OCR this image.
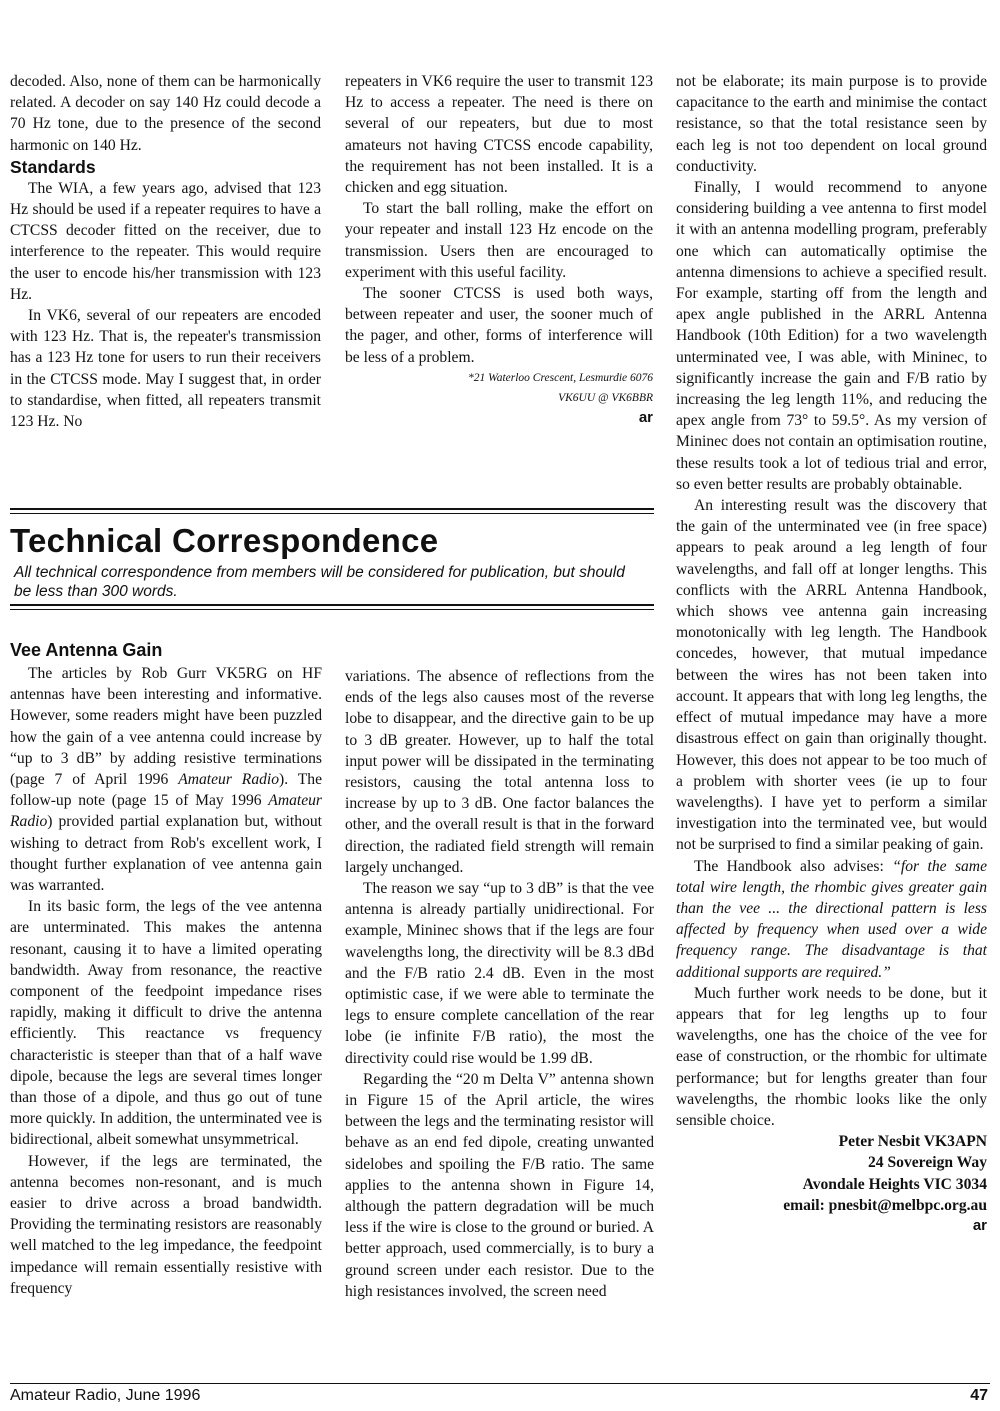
decoded. Also, none of them can be harmonically related. A decoder on say 140 Hz could decode a 70 Hz tone, due to the presence of the second harmonic on 140 Hz.

Standards

The WIA, a few years ago, advised that 123 Hz should be used if a repeater requires to have a CTCSS decoder fitted on the receiver, due to interference to the repeater. This would require the user to encode his/her transmission with 123 Hz.

In VK6, several of our repeaters are encoded with 123 Hz. That is, the repeater's transmission has a 123 Hz tone for users to run their receivers in the CTCSS mode. May I suggest that, in order to standardise, when fitted, all repeaters transmit 123 Hz. No

repeaters in VK6 require the user to transmit 123 Hz to access a repeater. The need is there on several of our repeaters, but due to most amateurs not having CTCSS encode capability, the requirement has not been installed. It is a chicken and egg situation.

To start the ball rolling, make the effort on your repeater and install 123 Hz encode on the transmission. Users then are encouraged to experiment with this useful facility.

The sooner CTCSS is used both ways, between repeater and user, the sooner much of the pager, and other, forms of interference will be less of a problem.

*21 Waterloo Crescent, Lesmurdie 6076
VK6UU @ VK6BBR
ar
Technical Correspondence
All technical correspondence from members will be considered for publication, but should be less than 300 words.
Vee Antenna Gain

The articles by Rob Gurr VK5RG on HF antennas have been interesting and informative. However, some readers might have been puzzled how the gain of a vee antenna could increase by “up to 3 dB” by adding resistive terminations (page 7 of April 1996 Amateur Radio). The follow-up note (page 15 of May 1996 Amateur Radio) provided partial explanation but, without wishing to detract from Rob's excellent work, I thought further explanation of vee antenna gain was warranted.

In its basic form, the legs of the vee antenna are unterminated. This makes the antenna resonant, causing it to have a limited operating bandwidth. Away from resonance, the reactive component of the feedpoint impedance rises rapidly, making it difficult to drive the antenna efficiently. This reactance vs frequency characteristic is steeper than that of a half wave dipole, because the legs are several times longer than those of a dipole, and thus go out of tune more quickly. In addition, the unterminated vee is bidirectional, albeit somewhat unsymmetrical.

However, if the legs are terminated, the antenna becomes non-resonant, and is much easier to drive across a broad bandwidth. Providing the terminating resistors are reasonably well matched to the leg impedance, the feedpoint impedance will remain essentially resistive with frequency

variations. The absence of reflections from the ends of the legs also causes most of the reverse lobe to disappear, and the directive gain to be up to 3 dB greater. However, up to half the total input power will be dissipated in the terminating resistors, causing the total antenna loss to increase by up to 3 dB. One factor balances the other, and the overall result is that in the forward direction, the radiated field strength will remain largely unchanged.

The reason we say “up to 3 dB” is that the vee antenna is already partially unidirectional. For example, Mininec shows that if the legs are four wavelengths long, the directivity will be 8.3 dBd and the F/B ratio 2.4 dB. Even in the most optimistic case, if we were able to terminate the legs to ensure complete cancellation of the rear lobe (ie infinite F/B ratio), the most the directivity could rise would be 1.99 dB.

Regarding the “20 m Delta V” antenna shown in Figure 15 of the April article, the wires between the legs and the terminating resistor will behave as an end fed dipole, creating unwanted sidelobes and spoiling the F/B ratio. The same applies to the antenna shown in Figure 14, although the pattern degradation will be much less if the wire is close to the ground or buried. A better approach, used commercially, is to bury a ground screen under each resistor. Due to the high resistances involved, the screen need

not be elaborate; its main purpose is to provide capacitance to the earth and minimise the contact resistance, so that the total resistance seen by each leg is not too dependent on local ground conductivity.

Finally, I would recommend to anyone considering building a vee antenna to first model it with an antenna modelling program, preferably one which can automatically optimise the antenna dimensions to achieve a specified result. For example, starting off from the length and apex angle published in the ARRL Antenna Handbook (10th Edition) for a two wavelength unterminated vee, I was able, with Mininec, to significantly increase the gain and F/B ratio by increasing the leg length 11%, and reducing the apex angle from 73° to 59.5°. As my version of Mininec does not contain an optimisation routine, these results took a lot of tedious trial and error, so even better results are probably obtainable.

An interesting result was the discovery that the gain of the unterminated vee (in free space) appears to peak around a leg length of four wavelengths, and fall off at longer lengths. This conflicts with the ARRL Antenna Handbook, which shows vee antenna gain increasing monotonically with leg length. The Handbook concedes, however, that mutual impedance between the wires has not been taken into account. It appears that with long leg lengths, the effect of mutual impedance may have a more disastrous effect on gain than originally thought. However, this does not appear to be too much of a problem with shorter vees (ie up to four wavelengths). I have yet to perform a similar investigation into the terminated vee, but would not be surprised to find a similar peaking of gain.

The Handbook also advises: “for the same total wire length, the rhombic gives greater gain than the vee ... the directional pattern is less affected by frequency when used over a wide frequency range. The disadvantage is that additional supports are required.”

Much further work needs to be done, but it appears that for leg lengths up to four wavelengths, one has the choice of the vee for ease of construction, or the rhombic for ultimate performance; but for lengths greater than four wavelengths, the rhombic looks like the only sensible choice.

Peter Nesbit VK3APN
24 Sovereign Way
Avondale Heights VIC 3034
email: pnesbit@melbpc.org.au
ar
Amateur Radio, June 1996	47
